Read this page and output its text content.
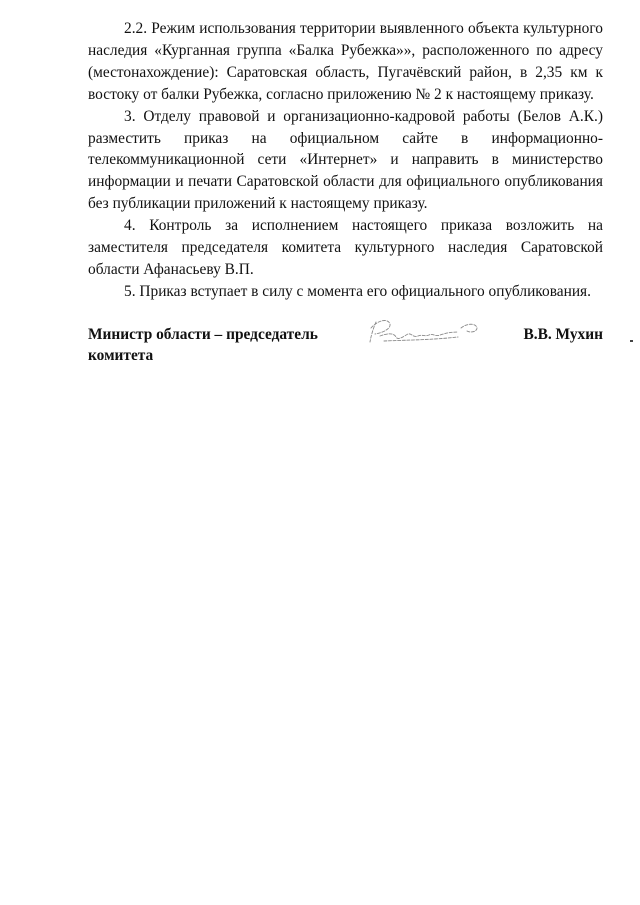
2.2. Режим использования территории выявленного объекта культурного наследия «Курганная группа «Балка Рубежка»», расположенного по адресу (местонахождение): Саратовская область, Пугачёвский район, в 2,35 км к востоку от балки Рубежка, согласно приложению № 2 к настоящему приказу.

3. Отделу правовой и организационно-кадровой работы (Белов А.К.) разместить приказ на официальном сайте в информационно-телекоммуникационной сети «Интернет» и направить в министерство информации и печати Саратовской области для официального опубликования без публикации приложений к настоящему приказу.

4. Контроль за исполнением настоящего приказа возложить на заместителя председателя комитета культурного наследия Саратовской области Афанасьеву В.П.

5. Приказ вступает в силу с момента его официального опубликования.

Министр области – председатель
комитета
В.В. Мухин
